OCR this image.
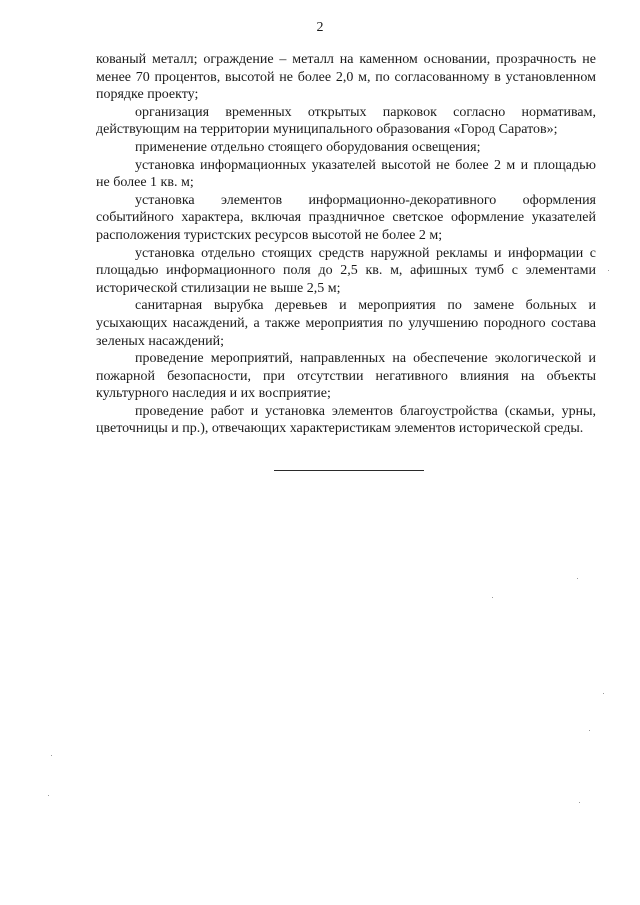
2

кованый металл; ограждение – металл на каменном основании, прозрачность не менее 70 процентов, высотой не более 2,0 м, по согласованному в установленном порядке проекту;

организация временных открытых парковок согласно нормативам, действующим на территории муниципального образования «Город Саратов»;

применение отдельно стоящего оборудования освещения;

установка информационных указателей высотой не более 2 м и площадью не более 1 кв. м;

установка элементов информационно-декоративного оформления событийного характера, включая праздничное светское оформление указателей расположения туристских ресурсов высотой не более 2 м;

установка отдельно стоящих средств наружной рекламы и информации с площадью информационного поля до 2,5 кв. м, афишных тумб с элементами исторической стилизации не выше 2,5 м;

санитарная вырубка деревьев и мероприятия по замене больных и усыхающих насаждений, а также мероприятия по улучшению породного состава зеленых насаждений;

проведение мероприятий, направленных на обеспечение экологической и пожарной безопасности, при отсутствии негативного влияния на объекты культурного наследия и их восприятие;

проведение работ и установка элементов благоустройства (скамьи, урны, цветочницы и пр.), отвечающих характеристикам элементов исторической среды.
